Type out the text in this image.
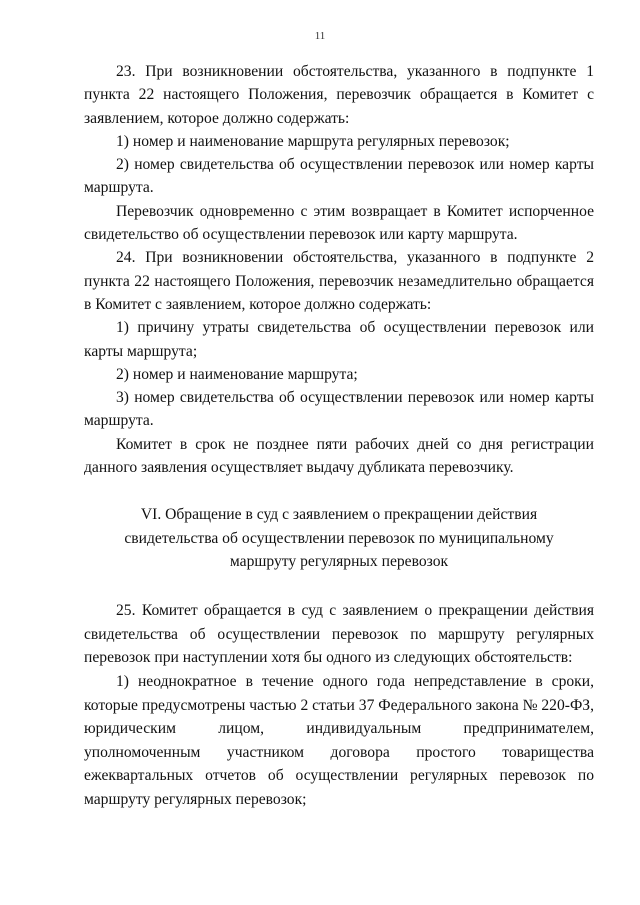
11

23. При возникновении обстоятельства, указанного в подпункте 1 пункта 22 настоящего Положения, перевозчик обращается в Комитет с заявлением, которое должно содержать:

1) номер и наименование маршрута регулярных перевозок;

2) номер свидетельства об осуществлении перевозок или номер карты маршрута.

Перевозчик одновременно с этим возвращает в Комитет испорченное свидетельство об осуществлении перевозок или карту маршрута.

24. При возникновении обстоятельства, указанного в подпункте 2 пункта 22 настоящего Положения, перевозчик незамедлительно обращается в Комитет с заявлением, которое должно содержать:

1) причину утраты свидетельства об осуществлении перевозок или карты маршрута;

2) номер и наименование маршрута;

3) номер свидетельства об осуществлении перевозок или номер карты маршрута.

Комитет в срок не позднее пяти рабочих дней со дня регистрации данного заявления осуществляет выдачу дубликата перевозчику.

VI. Обращение в суд с заявлением о прекращении действия
свидетельства об осуществлении перевозок по муниципальному
маршруту регулярных перевозок

25. Комитет обращается в суд с заявлением о прекращении действия свидетельства об осуществлении перевозок по маршруту регулярных перевозок при наступлении хотя бы одного из следующих обстоятельств:

1) неоднократное в течение одного года непредставление в сроки, которые предусмотрены частью 2 статьи 37 Федерального закона № 220-ФЗ, юридическим лицом, индивидуальным предпринимателем, уполномоченным участником договора простого товарищества ежеквартальных отчетов об осуществлении регулярных перевозок по маршруту регулярных перевозок;
